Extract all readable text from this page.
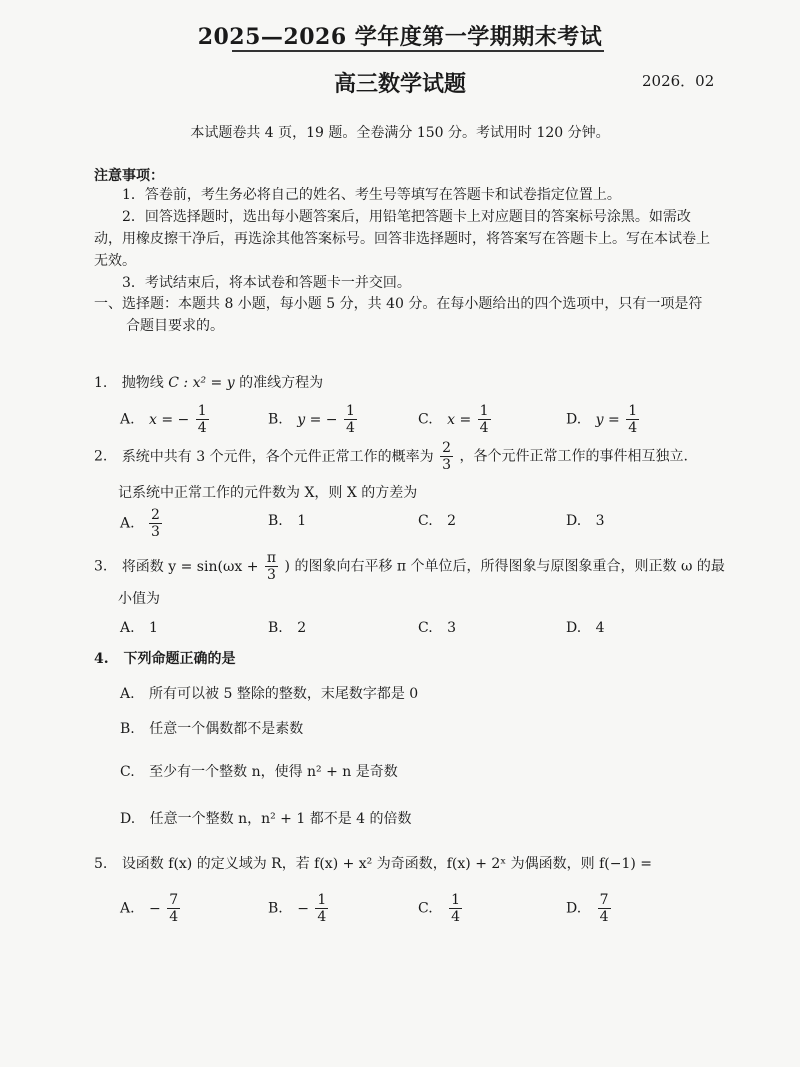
2025—2026 学年度第一学期期末考试
高三数学试题	2026．02
本试题卷共 4 页，19 题。全卷满分 150 分。考试用时 120 分钟。
注意事项：

1．答卷前，考生务必将自己的姓名、考生号等填写在答题卡和试卷指定位置上。

2．回答选择题时，选出每小题答案后，用铅笔把答题卡上对应题目的答案标号涂黑。如需改动，用橡皮擦干净后，再选涂其他答案标号。回答非选择题时，将答案写在答题卡上。写在本试卷上无效。

3．考试结束后，将本试卷和答题卡一并交回。

一、选择题：本题共 8 小题，每小题 5 分，共 40 分。在每小题给出的四个选项中，只有一项是符合题目要求的。
1. 抛物线 C : x² = y 的准线方程为
A. x = − $\frac{1}{4}$	B. y = − $\frac{1}{4}$	C. $x = \frac{1}{4}$	D. $y = \frac{1}{4}$
2. 系统中共有 3 个元件，各个元件正常工作的概率为 $\frac{2}{3}$ ，各个元件正常工作的事件相互独立.
记系统中正常工作的元件数为 X，则 X 的方差为
A. $\frac{2}{3}$	B. 1	C. 2	D. 3
3. 将函数 $y = \sin(\omega x + \frac{\pi}{3}$ ) 的图象向右平移 π 个单位后，所得图象与原图象重合，则正数 ω 的最
小值为
A. 1	B. 2	C. 3	D. 4
4. 下列命题正确的是
A. 所有可以被 5 整除的整数，末尾数字都是 0
B. 任意一个偶数都不是素数
C. 至少有一个整数 n，使得 n² + n 是奇数
D. 任意一个整数 n，n² + 1 都不是 4 的倍数
5. 设函数 f(x) 的定义域为 R，若 f(x) + x² 为奇函数，f(x) + 2ˣ 为偶函数，则 f(−1) =
A. − $\frac{7}{4}$	B. − $\frac{1}{4}$	C. $\frac{1}{4}$	D. $\frac{7}{4}$
